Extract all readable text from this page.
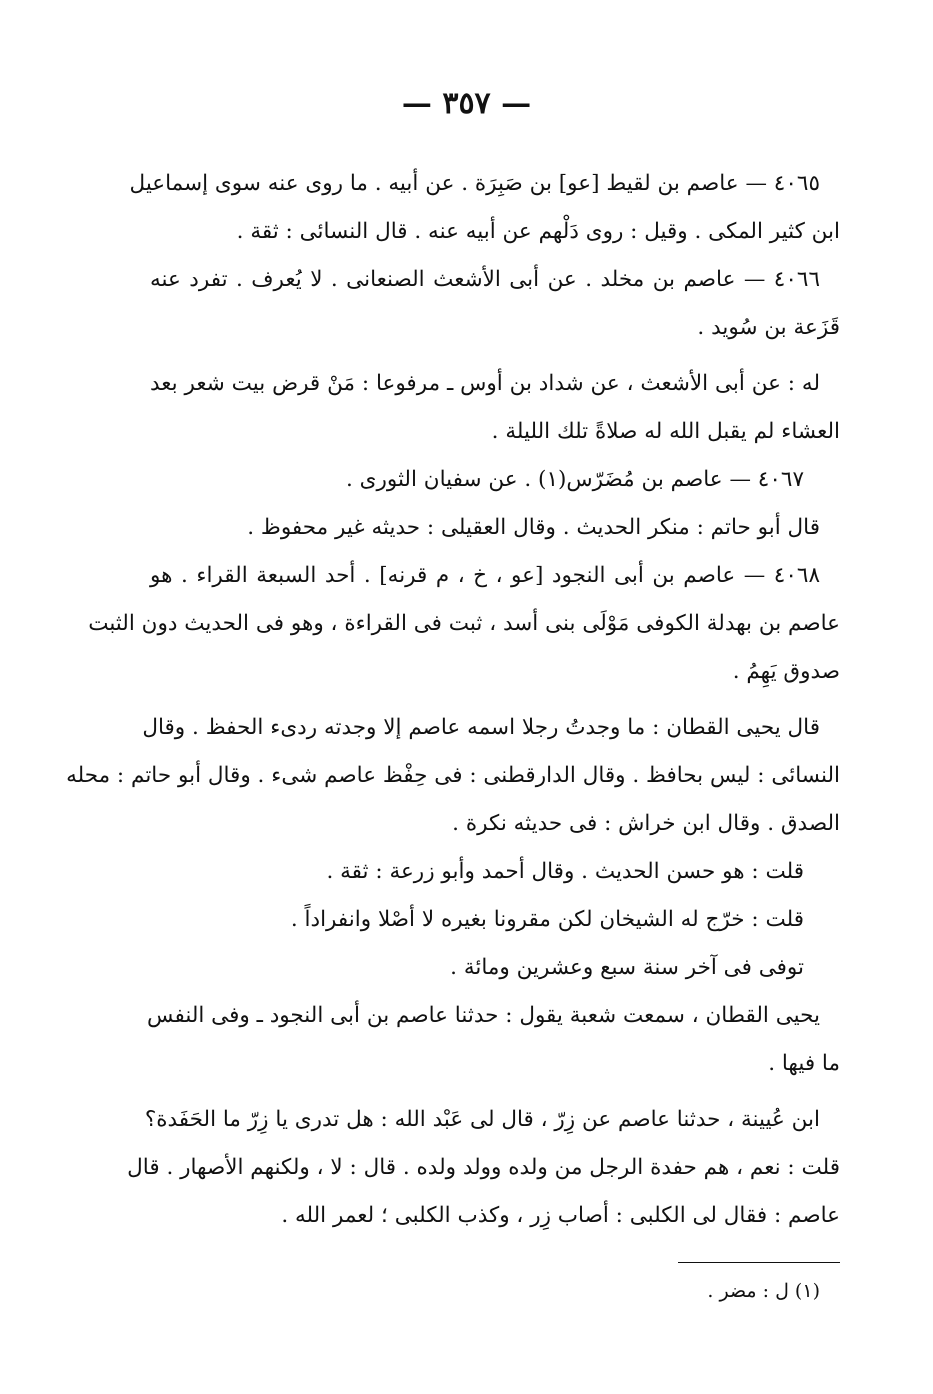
— ٣٥٧ —
٤٠٦٥ — عاصم بن لقيط [عو] بن صَبِرَة . عن أبيه . ما روى عنه سوى إسماعيل
ابن كثير المكى . وقيل : روى دَلْهم عن أبيه عنه . قال النسائى : ثقة .
٤٠٦٦ — عاصم بن مخلد . عن أبى الأشعث الصنعانى . لا يُعرف . تفرد عنه
قَزَعة بن سُويد .
له : عن أبى الأشعث ، عن شداد بن أوس ـ مرفوعا : مَنْ قرض بيت شعر بعد
العشاء لم يقبل الله له صلاةً تلك الليلة .
٤٠٦٧ — عاصم بن مُضَرّس(١) . عن سفيان الثورى .
قال أبو حاتم : منكر الحديث . وقال العقيلى : حديثه غير محفوظ .
٤٠٦٨ — عاصم بن أبى النجود [عو ، خ ، م قرنه] . أحد السبعة القراء . هو
عاصم بن بهدلة الكوفى مَوْلَى بنى أسد ، ثبت فى القراءة ، وهو فى الحديث دون الثبت
صدوق يَهِمُ .
قال يحيى القطان : ما وجدتُ رجلا اسمه عاصم إلا وجدته ردىء الحفظ . وقال
النسائى : ليس بحافظ . وقال الدارقطنى : فى حِفْظ عاصم شىء . وقال أبو حاتم : محله
الصدق . وقال ابن خراش : فى حديثه نكرة .
قلت : هو حسن الحديث . وقال أحمد وأبو زرعة : ثقة .
قلت : خرّج له الشيخان لكن مقرونا بغيره لا أصْلا وانفراداً .
توفى فى آخر سنة سبع وعشرين ومائة .
يحيى القطان ، سمعت شعبة يقول : حدثنا عاصم بن أبى النجود ـ وفى النفس
ما فيها .
ابن عُيينة ، حدثنا عاصم عن زِرّ ، قال لى عَبْد الله : هل تدرى يا زِرّ ما الحَفَدة؟
قلت : نعم ، هم حفدة الرجل من ولده وولد ولده . قال : لا ، ولكنهم الأصهار . قال
عاصم : فقال لى الكلبى : أصاب زِر ، وكذب الكلبى ؛ لعمر الله .
(١) ل : مضر .
